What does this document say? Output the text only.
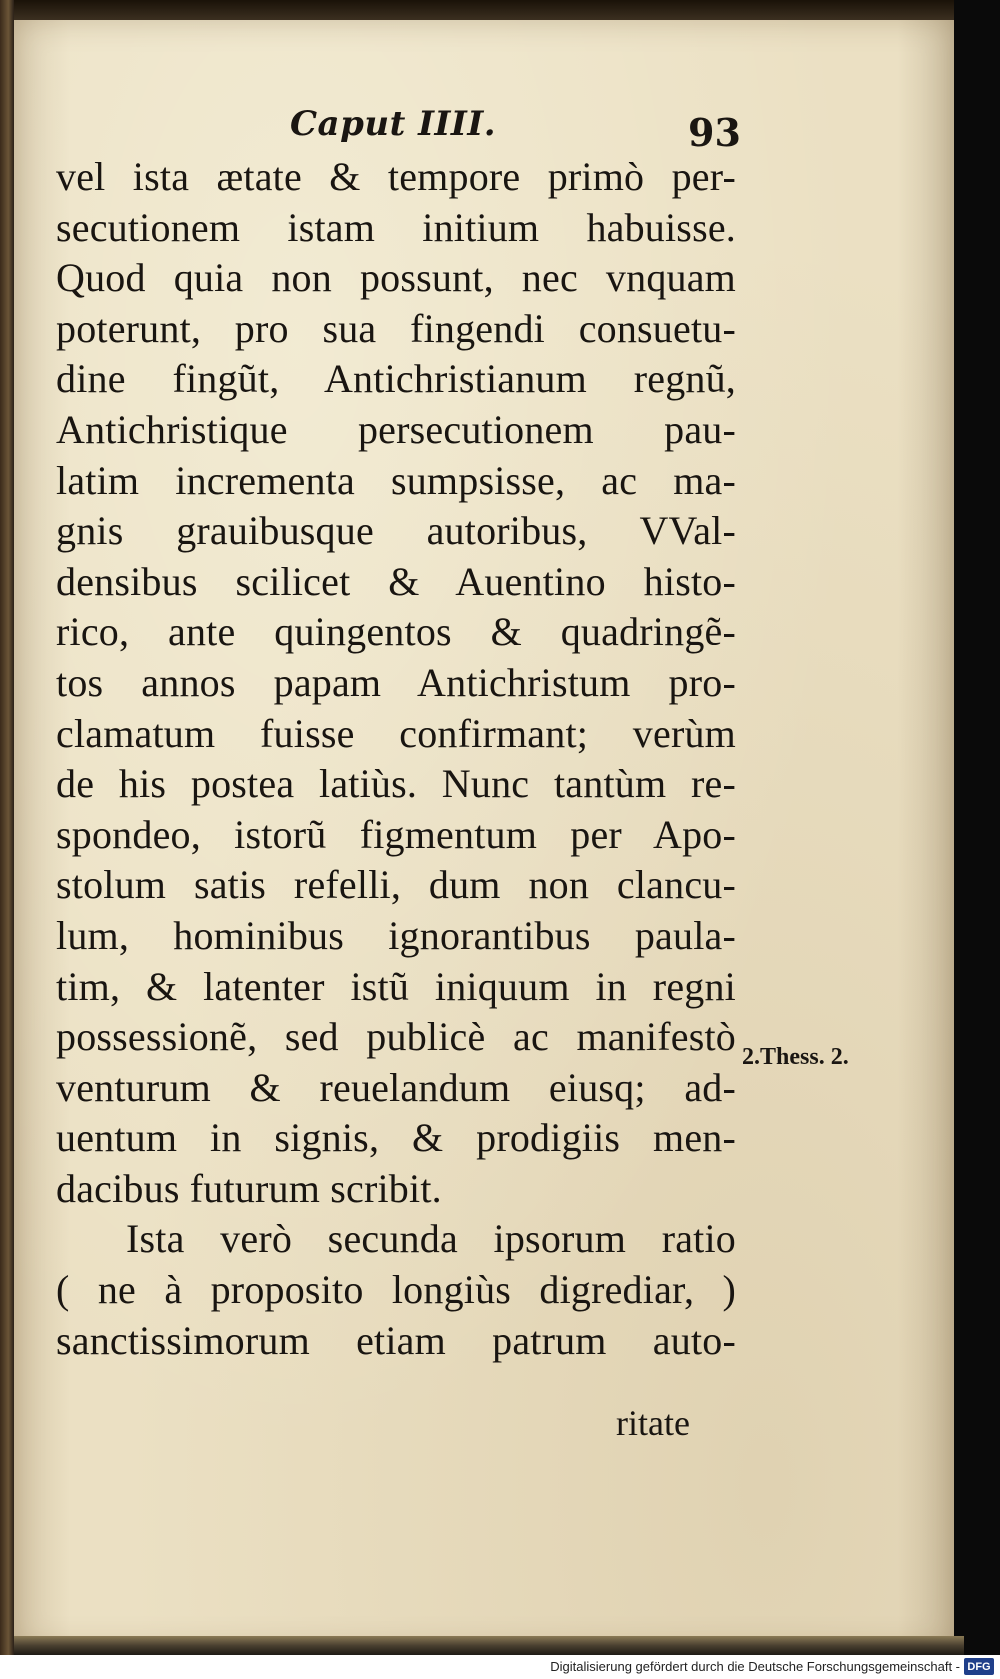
Caput IIII.	93
vel ista ætate & tempore primò per-
secutionem istam initium habuisse.
Quod quia non possunt, nec vnquam
poterunt, pro sua fingendi consuetu-
dine fingũt, Antichristianum regnũ,
Antichristique persecutionem pau-
latim incrementa sumpsisse, ac ma-
gnis grauibusque autoribus, VVal-
densibus scilicet & Auentino histo-
rico, ante quingentos & quadringẽ-
tos annos papam Antichristum pro-
clamatum fuisse confirmant; verùm
de his postea latiùs. Nunc tantùm re-
spondeo, istorũ figmentum per Apo-
stolum satis refelli, dum non clancu-
lum, hominibus ignorantibus paula-
tim, & latenter istũ iniquum in regni
possessionẽ, sed publicè ac manifestò
venturum & reuelandum eiusq; ad-
uentum in signis, & prodigiis men-
dacibus futurum scribit.
Ista verò secunda ipsorum ratio
( ne à proposito longiùs digrediar, )
sanctissimorum etiam patrum auto-
2.Thess. 2.
ritate
Digitalisierung gefördert durch die Deutsche Forschungsgemeinschaft - DFG
